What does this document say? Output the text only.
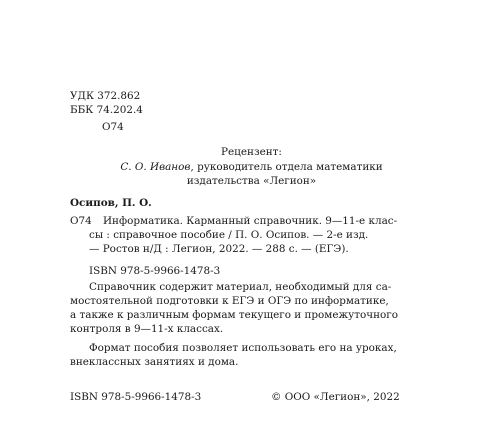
УДК 372.862
ББК 74.202.4
О74
Рецензент:
С. О. Иванов, руководитель отдела математики
издательства «Легион»
Осипов, П. О.
О74 Информатика. Карманный справочник. 9—11-е клас-
сы : справочное пособие / П. О. Осипов. — 2-е изд.
— Ростов н/Д : Легион, 2022. — 288 с. — (ЕГЭ).
ISBN 978-5-9966-1478-3
Справочник содержит материал, необходимый для са-
мостоятельной подготовки к ЕГЭ и ОГЭ по информатике,
а также к различным формам текущего и промежуточного
контроля в 9—11-х классах.
Формат пособия позволяет использовать его на уроках,
внеклассных занятиях и дома.
ISBN 978-5-9966-1478-3	© ООО «Легион», 2022
